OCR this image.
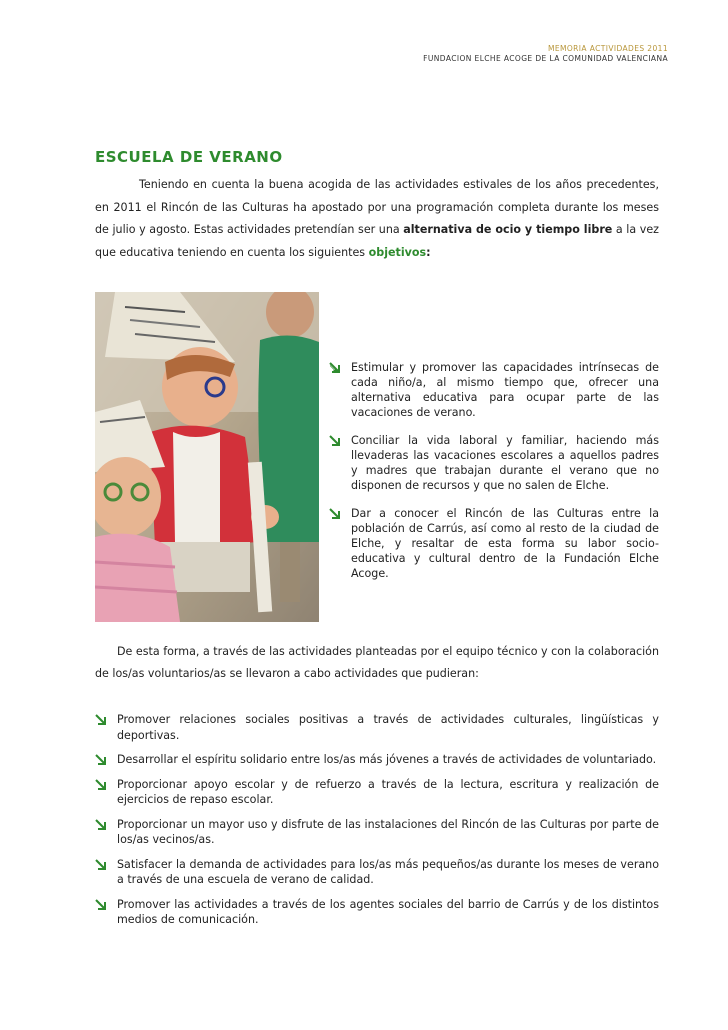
MEMORIA ACTIVIDADES 2011
FUNDACION ELCHE ACOGE DE LA COMUNIDAD VALENCIANA
ESCUELA DE VERANO

Teniendo en cuenta la buena acogida de las actividades estivales de los años precedentes, en 2011 el Rincón de las Culturas ha apostado por una programación completa durante los meses de julio y agosto. Estas actividades pretendían ser una alternativa de ocio y tiempo libre a la vez que educativa teniendo en cuenta los siguientes objetivos:

Estimular y promover las capacidades intrínsecas de cada niño/a, al mismo tiempo que, ofrecer una alternativa educativa para ocupar parte de las vacaciones de verano.
Conciliar la vida laboral y familiar, haciendo más llevaderas las vacaciones escolares a aquellos padres y madres que trabajan durante el verano que no disponen de recursos y que no salen de Elche.
Dar a conocer el Rincón de las Culturas entre la población de Carrús, así como al resto de la ciudad de Elche, y resaltar de esta forma su labor socio-educativa y cultural dentro de la Fundación Elche Acoge.

De esta forma, a través de las actividades planteadas por el equipo técnico y con la colaboración de los/as voluntarios/as se llevaron a cabo actividades que pudieran:

Promover relaciones sociales positivas a través de actividades culturales, lingüísticas y deportivas.
Desarrollar el espíritu solidario entre los/as más jóvenes a través de actividades de voluntariado.
Proporcionar apoyo escolar y de refuerzo a través de la lectura, escritura y realización de ejercicios de repaso escolar.
Proporcionar un mayor uso y disfrute de las instalaciones del Rincón de las Culturas por parte de los/as vecinos/as.
Satisfacer la demanda de actividades para los/as más pequeños/as durante los meses de verano a través de una escuela de verano de calidad.
Promover las actividades a través de los agentes sociales del barrio de Carrús y de los distintos medios de comunicación.
